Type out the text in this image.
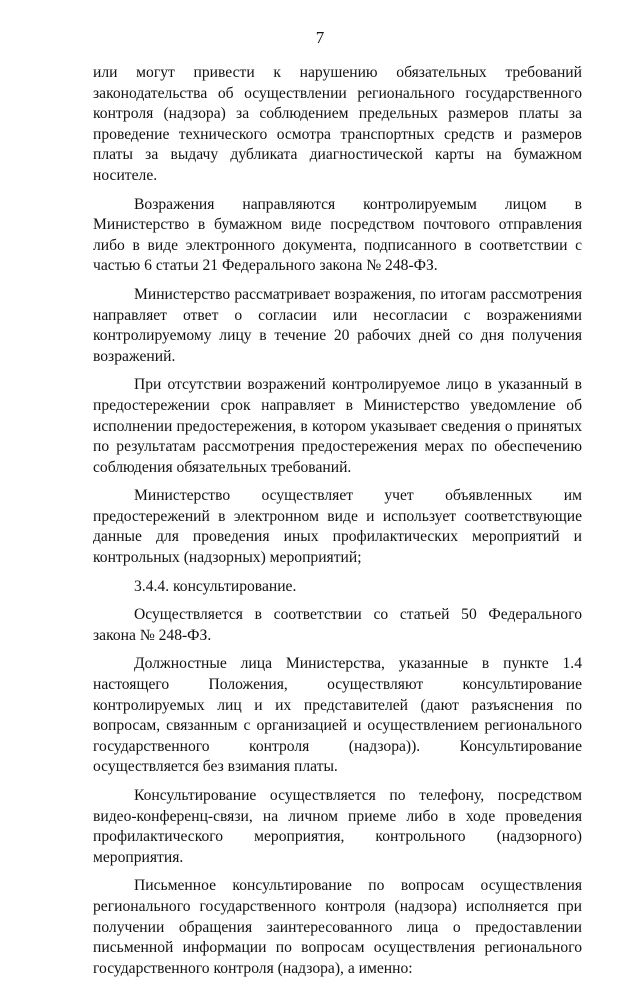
7

или могут привести к нарушению обязательных требований законодательства об осуществлении регионального государственного контроля (надзора) за соблюдением предельных размеров платы за проведение технического осмотра транспортных средств и размеров платы за выдачу дубликата диагностической карты на бумажном носителе.

Возражения направляются контролируемым лицом в Министерство в бумажном виде посредством почтового отправления либо в виде электронного документа, подписанного в соответствии с частью 6 статьи 21 Федерального закона № 248-ФЗ.

Министерство рассматривает возражения, по итогам рассмотрения направляет ответ о согласии или несогласии с возражениями контролируемому лицу в течение 20 рабочих дней со дня получения возражений.

При отсутствии возражений контролируемое лицо в указанный в предостережении срок направляет в Министерство уведомление об исполнении предостережения, в котором указывает сведения о принятых по результатам рассмотрения предостережения мерах по обеспечению соблюдения обязательных требований.

Министерство осуществляет учет объявленных им предостережений в электронном виде и использует соответствующие данные для проведения иных профилактических мероприятий и контрольных (надзорных) мероприятий;

3.4.4. консультирование.

Осуществляется в соответствии со статьей 50 Федерального закона № 248-ФЗ.

Должностные лица Министерства, указанные в пункте 1.4 настоящего Положения, осуществляют консультирование контролируемых лиц и их представителей (дают разъяснения по вопросам, связанным с организацией и осуществлением регионального государственного контроля (надзора)). Консультирование осуществляется без взимания платы.

Консультирование осуществляется по телефону, посредством видео-конференц-связи, на личном приеме либо в ходе проведения профилактического мероприятия, контрольного (надзорного) мероприятия.

Письменное консультирование по вопросам осуществления регионального государственного контроля (надзора) исполняется при получении обращения заинтересованного лица о предоставлении письменной информации по вопросам осуществления регионального государственного контроля (надзора), а именно:
